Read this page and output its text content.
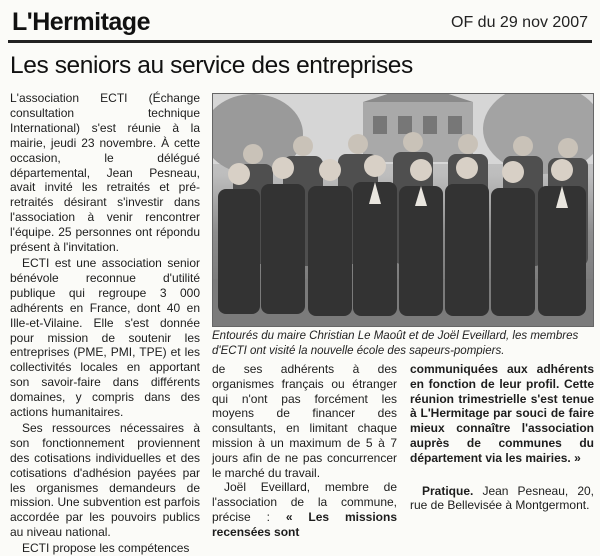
L'Hermitage	OF du 29 nov 2007
Les seniors au service des entreprises

L'association ECTI (Échange consultation technique International) s'est réunie à la mairie, jeudi 23 novembre. À cette occasion, le délégué départemental, Jean Pesneau, avait invité les retraités et pré-retraités désirant s'investir dans l'association à venir rencontrer l'équipe. 25 personnes ont répondu présent à l'invitation.

ECTI est une association senior bénévole reconnue d'utilité publique qui regroupe 3 000 adhérents en France, dont 40 en Ille-et-Vilaine. Elle s'est donnée pour mission de soutenir les entreprises (PME, PMI, TPE) et les collectivités locales en apportant son savoir-faire dans différents domaines, y compris dans des actions humanitaires.

Ses ressources nécessaires à son fonctionnement proviennent des cotisations individuelles et des cotisations d'adhésion payées par les organismes demandeurs de mission. Une subvention est parfois accordée par les pouvoirs publics au niveau national.

ECTI propose les compétences

Entourés du maire Christian Le Maoût et de Joël Eveillard, les membres d'ECTI ont visité la nouvelle école des sapeurs-pompiers.

de ses adhérents à des organismes français ou étranger qui n'ont pas forcément les moyens de financer des consultants, en limitant chaque mission à un maximum de 5 à 7 jours afin de ne pas concurrencer le marché du travail.

Joël Eveillard, membre de l'association de la commune, précise : « Les missions recensées sont

communiquées aux adhérents en fonction de leur profil. Cette réunion trimestrielle s'est tenue à L'Hermitage par souci de faire mieux connaître l'association auprès de communes du département via les mairies. »

Pratique. Jean Pesneau, 20, rue de Bellevisée à Montgermont.
